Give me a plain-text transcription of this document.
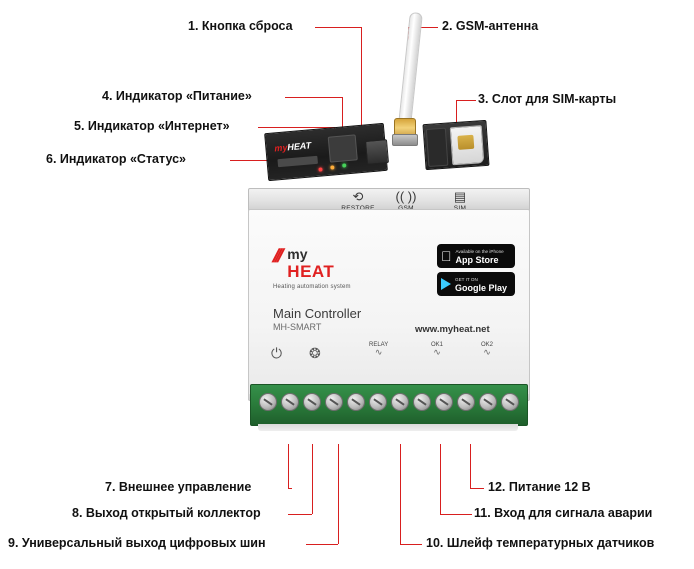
myHEAT
⟲	(( ))	▤
/// my
HEAT
Heating automation system
Main Controller
MH-SMART	www.myheat.net
Available on the iPhone
App Store
GET IT ON
Google Play
⏻ ❂	RELAY
∿
OK1
∿
OK2
∿
1. Кнопка сброса	2. GSM-антенна
3. Слот для SIM-карты
4. Индикатор «Питание»
5. Индикатор «Интернет»
6. Индикатор «Статус»
7. Внешнее управление
8. Выход открытый коллектор
9. Универсальный выход цифровых шин	10. Шлейф температурных датчиков
11. Вход для сигнала аварии
12. Питание 12 В
